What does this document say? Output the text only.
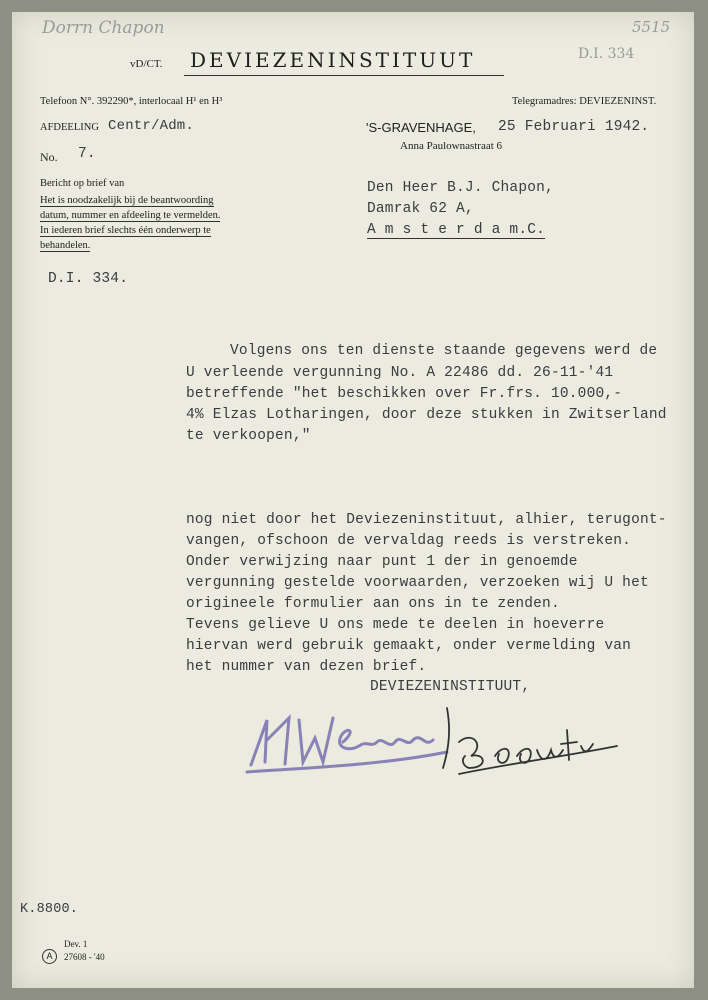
Dorrn Chapon	5515
D.I. 334
vD/CT. DEVIEZENINSTITUUT
Telefoon N°. 392290*, interlocaal H¹ en H³	Telegramadres: DEVIEZENINST.
AFDEELING Centr/Adm.
No. 7.
Bericht op brief van
Het is noodzakelijk bij de beantwoording
datum, nummer en afdeeling te vermelden.
In iederen brief slechts één onderwerp te
behandelen.
D.I. 334.
'S-GRAVENHAGE, 25 Februari 1942.
Anna Paulownastraat 6
Den Heer B.J. Chapon,
Damrak 62 A,
A m s t e r d a m.C.
Volgens ons ten dienste staande gegevens werd de
U verleende vergunning No. A 22486 dd. 26-11-'41
betreffende "het beschikken over Fr.frs. 10.000,-
4% Elzas Lotharingen, door deze stukken in Zwitserland
te verkoopen,"
nog niet door het Deviezeninstituut, alhier, terugont-
vangen, ofschoon de vervaldag reeds is verstreken.
Onder verwijzing naar punt 1 der in genoemde
vergunning gestelde voorwaarden, verzoeken wij U het
origineele formulier aan ons in te zenden.
Tevens gelieve U ons mede te deelen in hoeverre
hiervan werd gebruik gemaakt, onder vermelding van
het nummer van dezen brief.
DEVIEZENINSTITUUT,
K.8800.
Dev. 1
A	27608 - '40
